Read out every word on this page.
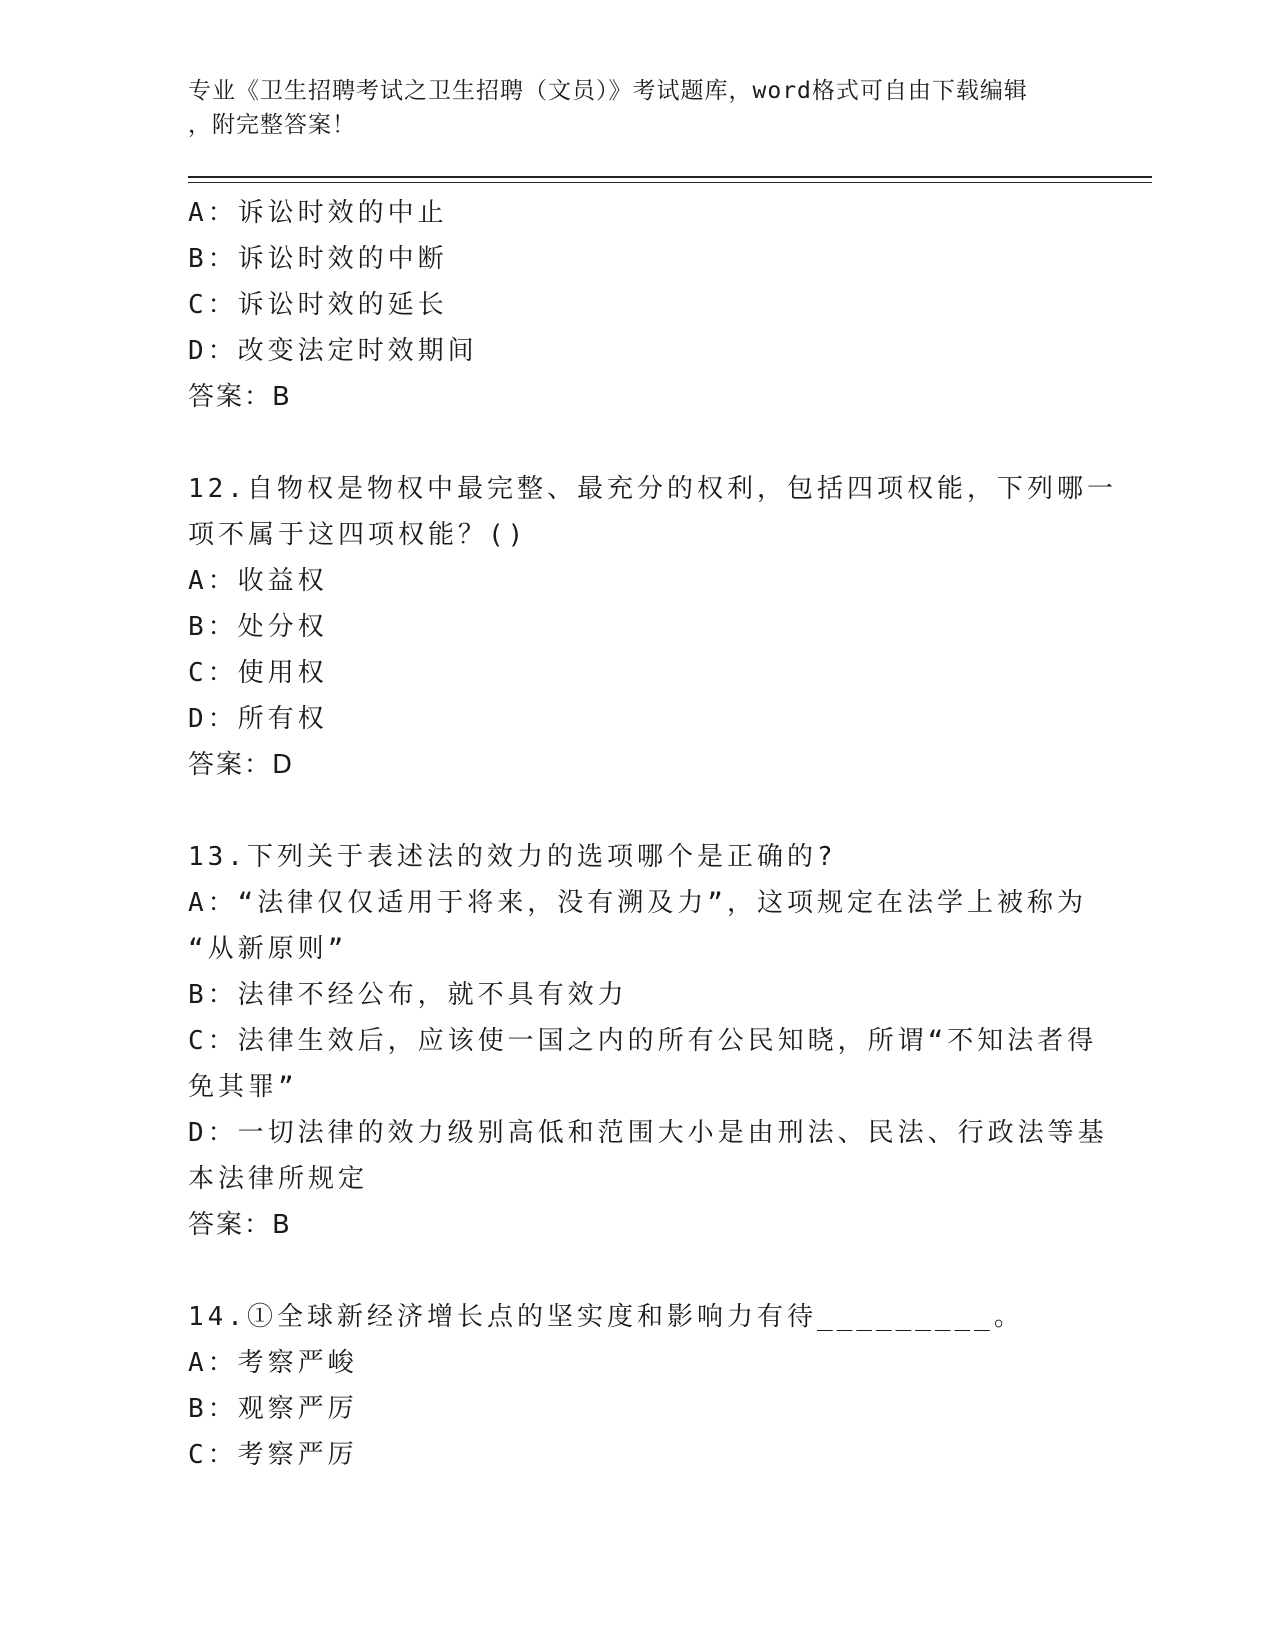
专业《卫生招聘考试之卫生招聘（文员）》考试题库，word格式可自由下载编辑
，附完整答案！
A：诉讼时效的中止
B：诉讼时效的中断
C：诉讼时效的延长
D：改变法定时效期间
答案：B
12.自物权是物权中最完整、最充分的权利，包括四项权能，下列哪一
项不属于这四项权能？()
A：收益权
B：处分权
C：使用权
D：所有权
答案：D
13.下列关于表述法的效力的选项哪个是正确的?
A：“法律仅仅适用于将来，没有溯及力”，这项规定在法学上被称为
“从新原则”
B：法律不经公布，就不具有效力
C：法律生效后，应该使一国之内的所有公民知晓，所谓“不知法者得
免其罪”
D：一切法律的效力级别高低和范围大小是由刑法、民法、行政法等基
本法律所规定
答案：B
14.①全球新经济增长点的坚实度和影响力有待_________。
A：考察严峻
B：观察严厉
C：考察严厉
